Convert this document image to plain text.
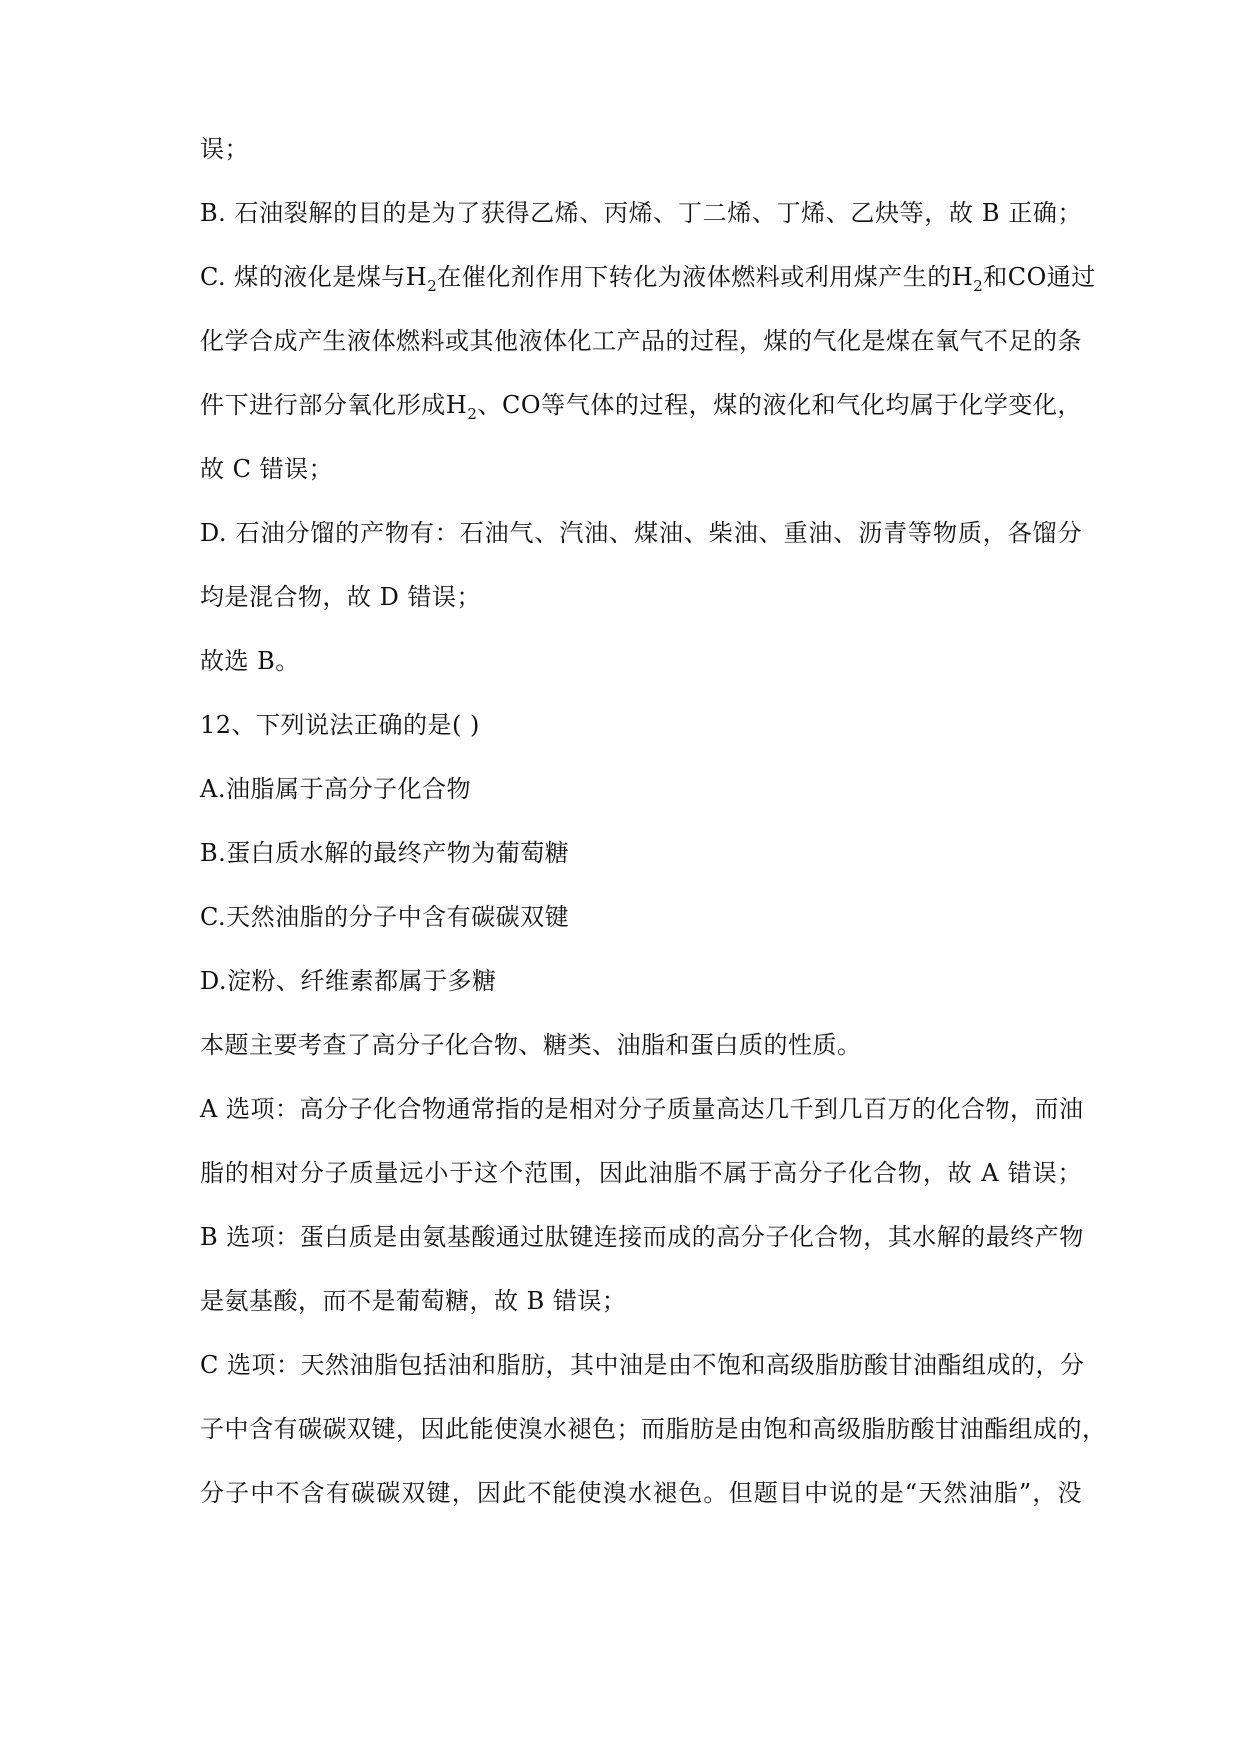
误；
B. 石油裂解的目的是为了获得乙烯、丙烯、丁二烯、丁烯、乙炔等，故 B 正确；
C. 煤的液化是煤与$H_2$在催化剂作用下转化为液体燃料或利用煤产生的$H_2$和CO通过
化学合成产生液体燃料或其他液体化工产品的过程，煤的气化是煤在氧气不足的条
件下进行部分氧化形成$H_2$、CO等气体的过程，煤的液化和气化均属于化学变化，
故 C 错误；
D. 石油分馏的产物有：石油气、汽油、煤油、柴油、重油、沥青等物质，各馏分
均是混合物，故 D 错误；
故选 B。
12、下列说法正确的是( )
A.油脂属于高分子化合物
B.蛋白质水解的最终产物为葡萄糖
C.天然油脂的分子中含有碳碳双键
D.淀粉、纤维素都属于多糖
本题主要考查了高分子化合物、糖类、油脂和蛋白质的性质。
A 选项：高分子化合物通常指的是相对分子质量高达几千到几百万的化合物，而油
脂的相对分子质量远小于这个范围，因此油脂不属于高分子化合物，故 A 错误；
B 选项：蛋白质是由氨基酸通过肽键连接而成的高分子化合物，其水解的最终产物
是氨基酸，而不是葡萄糖，故 B 错误；
C 选项：天然油脂包括油和脂肪，其中油是由不饱和高级脂肪酸甘油酯组成的，分
子中含有碳碳双键，因此能使溴水褪色；而脂肪是由饱和高级脂肪酸甘油酯组成的，
分子中不含有碳碳双键，因此不能使溴水褪色。但题目中说的是“天然油脂”，没
